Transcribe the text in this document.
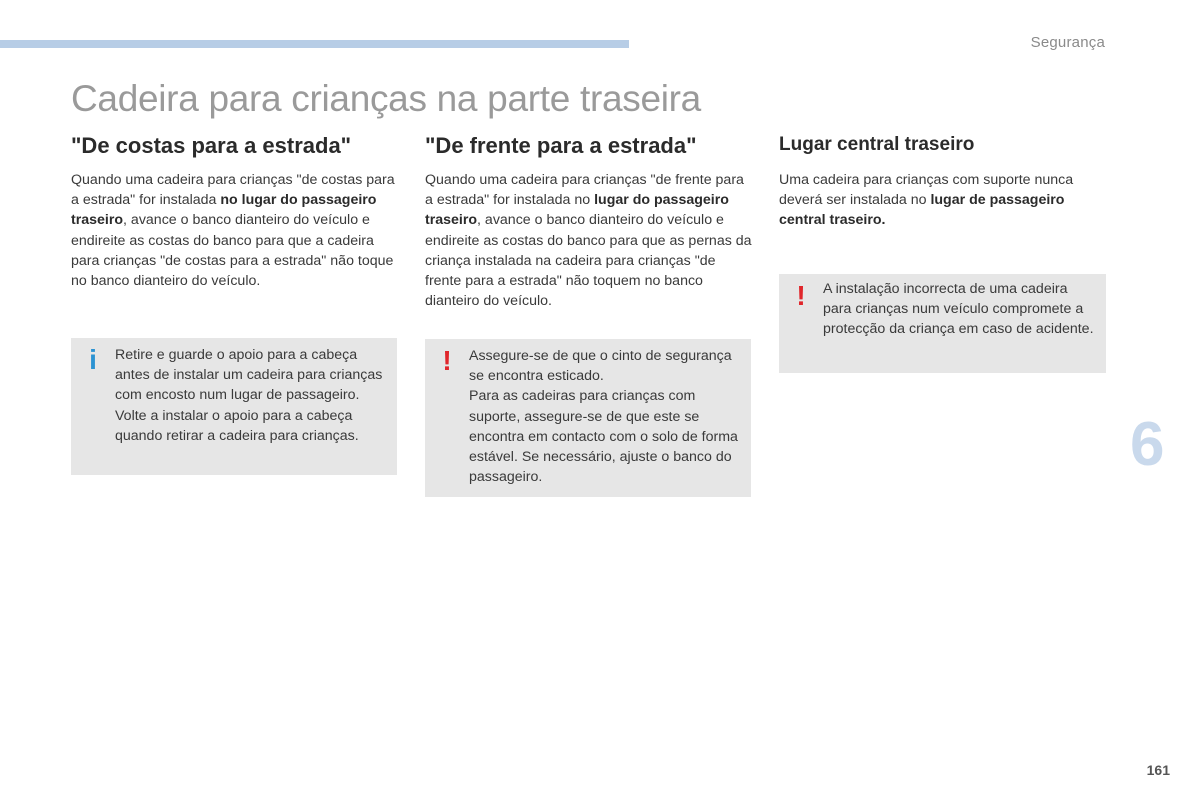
Segurança
Cadeira para crianças na parte traseira
"De costas para a estrada"

Quando uma cadeira para crianças "de costas para a estrada" for instalada no lugar do passageiro traseiro, avance o banco dianteiro do veículo e endireite as costas do banco para que a cadeira para crianças "de costas para a estrada" não toque no banco dianteiro do veículo.

"De frente para a estrada"

Quando uma cadeira para crianças "de frente para a estrada" for instalada no lugar do passageiro traseiro, avance o banco dianteiro do veículo e endireite as costas do banco para que as pernas da criança instalada na cadeira para crianças "de frente para a estrada" não toquem no banco dianteiro do veículo.

Lugar central traseiro

Uma cadeira para crianças com suporte nunca deverá ser instalada no lugar de passageiro central traseiro.

i Retire e guarde o apoio para a cabeça antes de instalar um cadeira para crianças com encosto num lugar de passageiro. Volte a instalar o apoio para a cabeça quando retirar a cadeira para crianças.

! Assegure-se de que o cinto de segurança se encontra esticado.

Para as cadeiras para crianças com suporte, assegure-se de que este se encontra em contacto com o solo de forma estável. Se necessário, ajuste o banco do passageiro.

! A instalação incorrecta de uma cadeira para crianças num veículo compromete a protecção da criança em caso de acidente.

6
161
